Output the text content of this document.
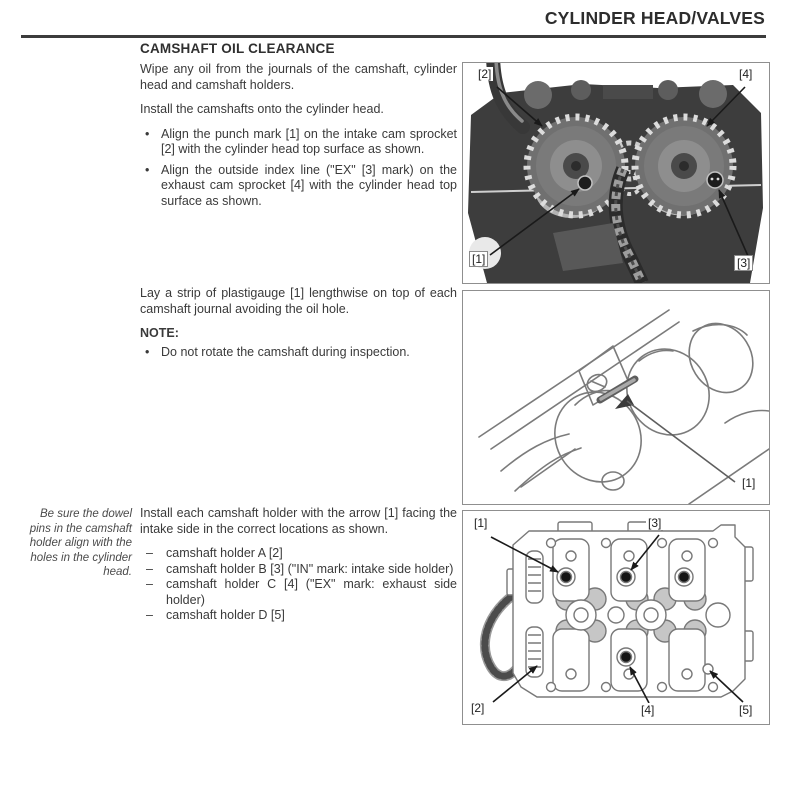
CYLINDER HEAD/VALVES
CAMSHAFT OIL CLEARANCE

Wipe any oil from the journals of the camshaft, cylinder head and camshaft holders.

Install the camshafts onto the cylinder head.

• Align the punch mark [1] on the intake cam sprocket [2] with the cylinder head top surface as shown.
• Align the outside index line ("EX" [3] mark) on the exhaust cam sprocket [4] with the cylinder head top surface as shown.

Lay a strip of plastigauge [1] lengthwise on top of each camshaft journal avoiding the oil hole.

NOTE:

• Do not rotate the camshaft during inspection.
Be sure the dowel pins in the camshaft holder align with the holes in the cylinder head.

Install each camshaft holder with the arrow [1] facing the intake side in the correct locations as shown.

– camshaft holder A [2]
– camshaft holder B [3] ("IN" mark: intake side holder)
– camshaft holder C [4] ("EX" mark: exhaust side holder)
– camshaft holder D [5]
[2]	[4]
[1]	[3]
[1]
[1]	[3]
[2]	[4]	[5]
